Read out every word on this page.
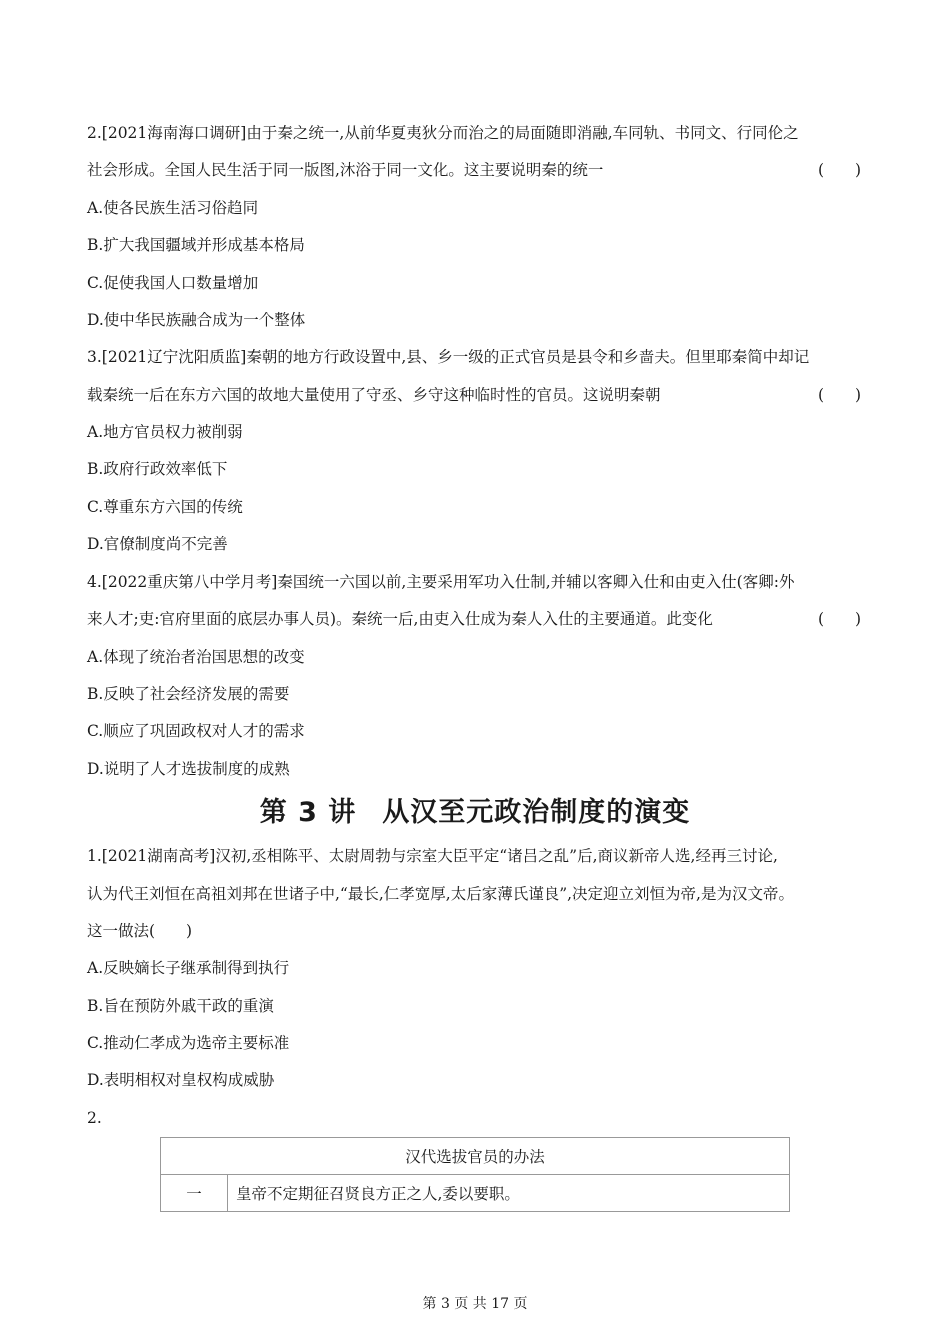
2.[2021海南海口调研]由于秦之统一,从前华夏夷狄分而治之的局面随即消融,车同轨、书同文、行同伦之
社会形成。全国人民生活于同一版图,沐浴于同一文化。这主要说明秦的统一	(　　)
A.使各民族生活习俗趋同
B.扩大我国疆域并形成基本格局
C.促使我国人口数量增加
D.使中华民族融合成为一个整体
3.[2021辽宁沈阳质监]秦朝的地方行政设置中,县、乡一级的正式官员是县令和乡啬夫。但里耶秦简中却记
载秦统一后在东方六国的故地大量使用了守丞、乡守这种临时性的官员。这说明秦朝	(　　)
A.地方官员权力被削弱
B.政府行政效率低下
C.尊重东方六国的传统
D.官僚制度尚不完善
4.[2022重庆第八中学月考]秦国统一六国以前,主要采用军功入仕制,并辅以客卿入仕和由吏入仕(客卿:外
来人才;吏:官府里面的底层办事人员)。秦统一后,由吏入仕成为秦人入仕的主要通道。此变化	(　　)
A.体现了统治者治国思想的改变
B.反映了社会经济发展的需要
C.顺应了巩固政权对人才的需求
D.说明了人才选拔制度的成熟
第 3 讲 从汉至元政治制度的演变
1.[2021湖南高考]汉初,丞相陈平、太尉周勃与宗室大臣平定“诸吕之乱”后,商议新帝人选,经再三讨论,
认为代王刘恒在高祖刘邦在世诸子中,“最长,仁孝宽厚,太后家薄氏谨良”,决定迎立刘恒为帝,是为汉文帝。
这一做法(　　)
A.反映嫡长子继承制得到执行
B.旨在预防外戚干政的重演
C.推动仁孝成为选帝主要标准
D.表明相权对皇权构成威胁
2.
汉代选拔官员的办法
一	皇帝不定期征召贤良方正之人,委以要职。
第 3 页 共 17 页
